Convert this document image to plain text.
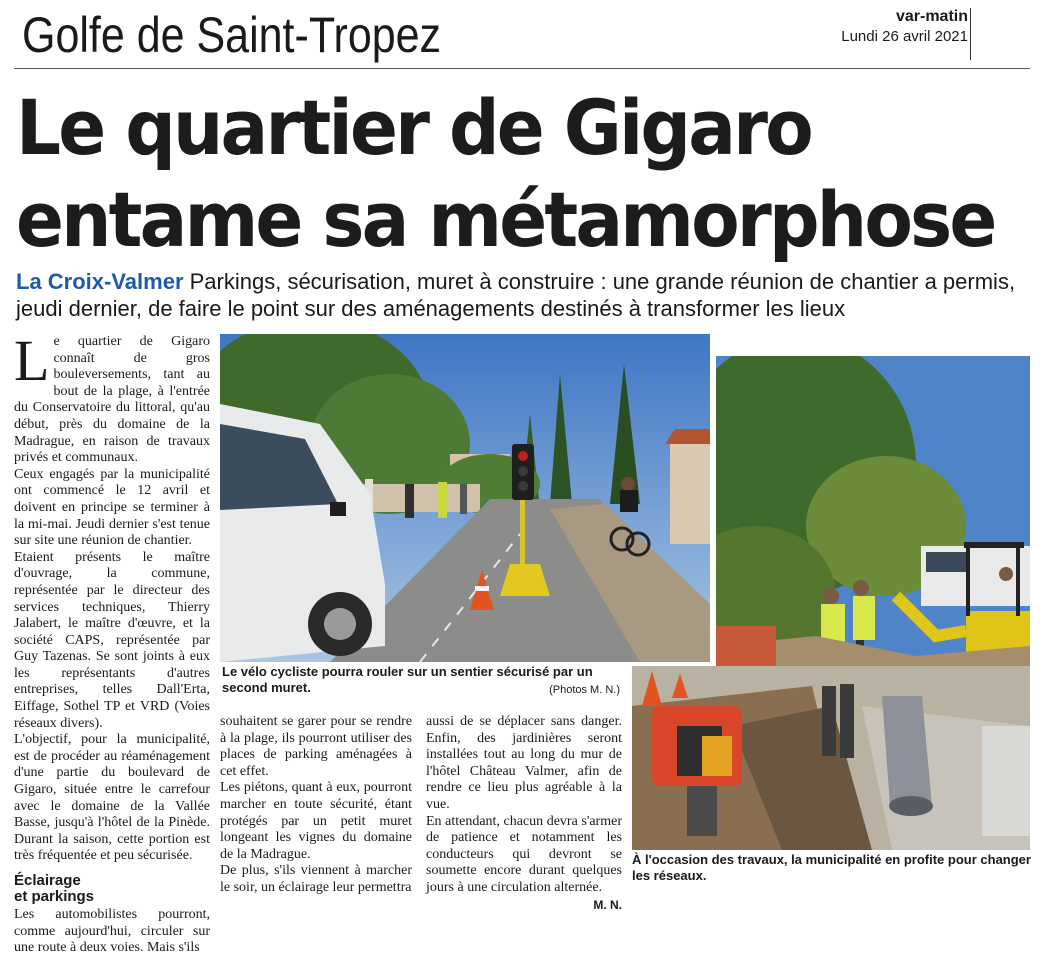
Golfe de Saint-Tropez	var-matin
Lundi 26 avril 2021
Le quartier de Gigaro
entame sa métamorphose
La Croix-Valmer Parkings, sécurisation, muret à construire : une grande réunion de chantier a permis, jeudi dernier, de faire le point sur des aménagements destinés à transformer les lieux

Le quartier de Gigaro connaît de gros bouleversements, tant au bout de la plage, à l'entrée du Conservatoire du littoral, qu'au début, près du domaine de la Madrague, en raison de travaux privés et communaux.

Ceux engagés par la municipalité ont commencé le 12 avril et doivent en principe se terminer à la mi-mai. Jeudi dernier s'est tenue sur site une réunion de chantier.

Etaient présents le maître d'ouvrage, la commune, représentée par le directeur des services techniques, Thierry Jalabert, le maître d'œuvre, et la société CAPS, représentée par Guy Tazenas. Se sont joints à eux les représentants d'autres entreprises, telles Dall'Erta, Eiffage, Sothel TP et VRD (Voies réseaux divers).

L'objectif, pour la municipalité, est de procéder au réaménagement d'une partie du boulevard de Gigaro, située entre le carrefour avec le domaine de la Vallée Basse, jusqu'à l'hôtel de la Pinède. Durant la saison, cette portion est très fréquentée et peu sécurisée.

Éclairage
et parkings

Les automobilistes pourront, comme aujourd'hui, circuler sur une route à deux voies. Mais s'ils

souhaitent se garer pour se rendre à la plage, ils pourront utiliser des places de parking aménagées à cet effet.

Les piétons, quant à eux, pourront marcher en toute sécurité, étant protégés par un petit muret longeant les vignes du domaine de la Madrague.

De plus, s'ils viennent à marcher le soir, un éclairage leur permettra

aussi de se déplacer sans danger. Enfin, des jardinières seront installées tout au long du mur de l'hôtel Château Valmer, afin de rendre ce lieu plus agréable à la vue.

En attendant, chacun devra s'armer de patience et notamment les conducteurs qui devront se soumette encore durant quelques jours à une circulation alternée.

M. N.
Le vélo cycliste pourra rouler sur un sentier sécurisé par un second muret.	(Photos M. N.)
À l'occasion des travaux, la municipalité en profite pour changer les réseaux.
